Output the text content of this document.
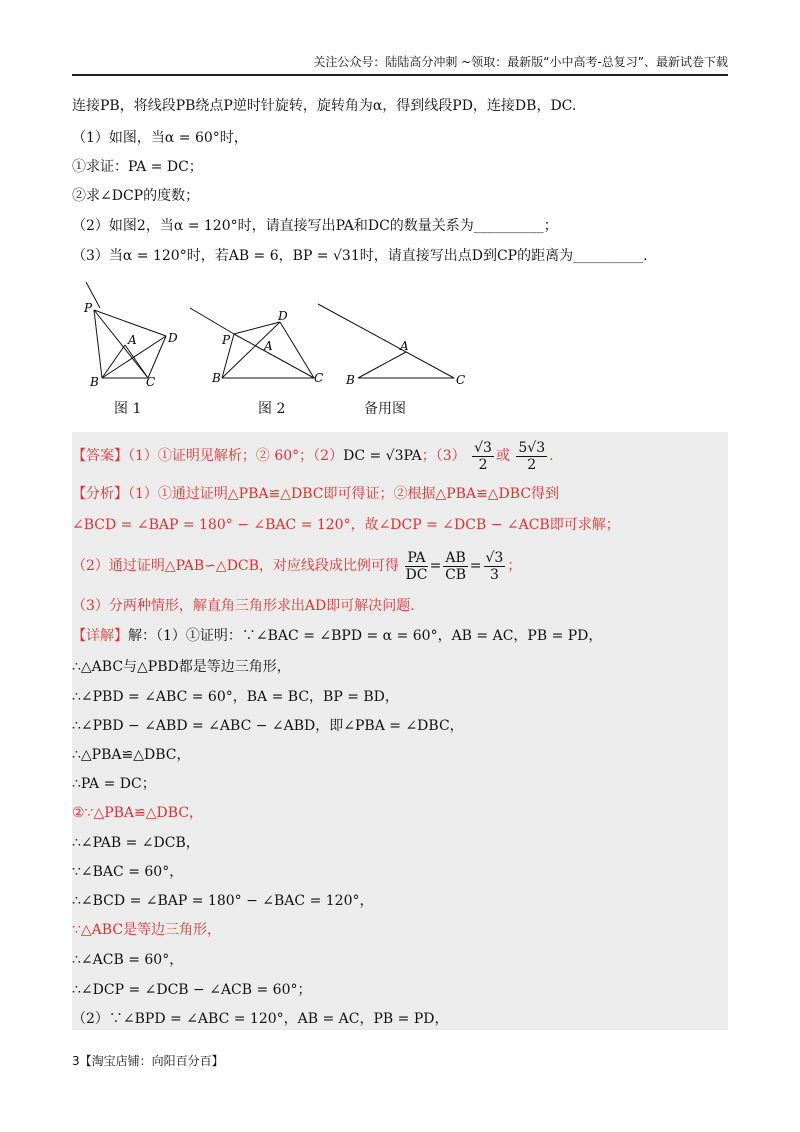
关注公众号：陆陆高分冲刺 ~领取：最新版“小中高考-总复习”、最新试卷下载
连接PB，将线段PB绕点P逆时针旋转，旋转角为α，得到线段PD，连接DB，DC.
（1）如图，当α = 60°时，
①求证：PA = DC；
②求∠DCP的度数；
（2）如图2，当α = 120°时，请直接写出PA和DC的数量关系为__________；
（3）当α = 120°时，若AB = 6，BP = √31时，请直接写出点D到CP的距离为__________.
P
D
A
B	C
图 1
P
D
A
B	C
图 2
A
B	C
备用图
【答案】（1）①证明见解析；② 60°；（2）DC = √3PA；$(3) \frac{√3}{2}$ 或 $\frac{5√3}{2}$ .
【分析】（1）①通过证明△PBA≌△DBC即可得证；②根据△PBA≌△DBC得到
∠BCD = ∠BAP = 180° − ∠BAC = 120°，故∠DCP = ∠DCB − ∠ACB即可求解；
（2）通过证明△PAB∽△DCB，对应线段成比例可得 $\frac{PA}{DC} = \frac{AB}{CB} = \frac{√3}{3}$ ；
（3）分两种情形，解直角三角形求出AD即可解决问题.
【详解】解：（1）①证明：∵∠BAC = ∠BPD = α = 60°，AB = AC，PB = PD，
∴△ABC与△PBD都是等边三角形，
∴∠PBD = ∠ABC = 60°，BA = BC，BP = BD，
∴∠PBD − ∠ABD = ∠ABC − ∠ABD，即∠PBA = ∠DBC，
∴△PBA≌△DBC，
∴PA = DC；
②∵△PBA≌△DBC，
∴∠PAB = ∠DCB，
∵∠BAC = 60°，
∴∠BCD = ∠BAP = 180° − ∠BAC = 120°，
∵△ABC是等边三角形，
∴∠ACB = 60°，
∴∠DCP = ∠DCB − ∠ACB = 60°；
（2）∵∠BPD = ∠ABC = 120°，AB = AC，PB = PD，
3【淘宝店铺：向阳百分百】
